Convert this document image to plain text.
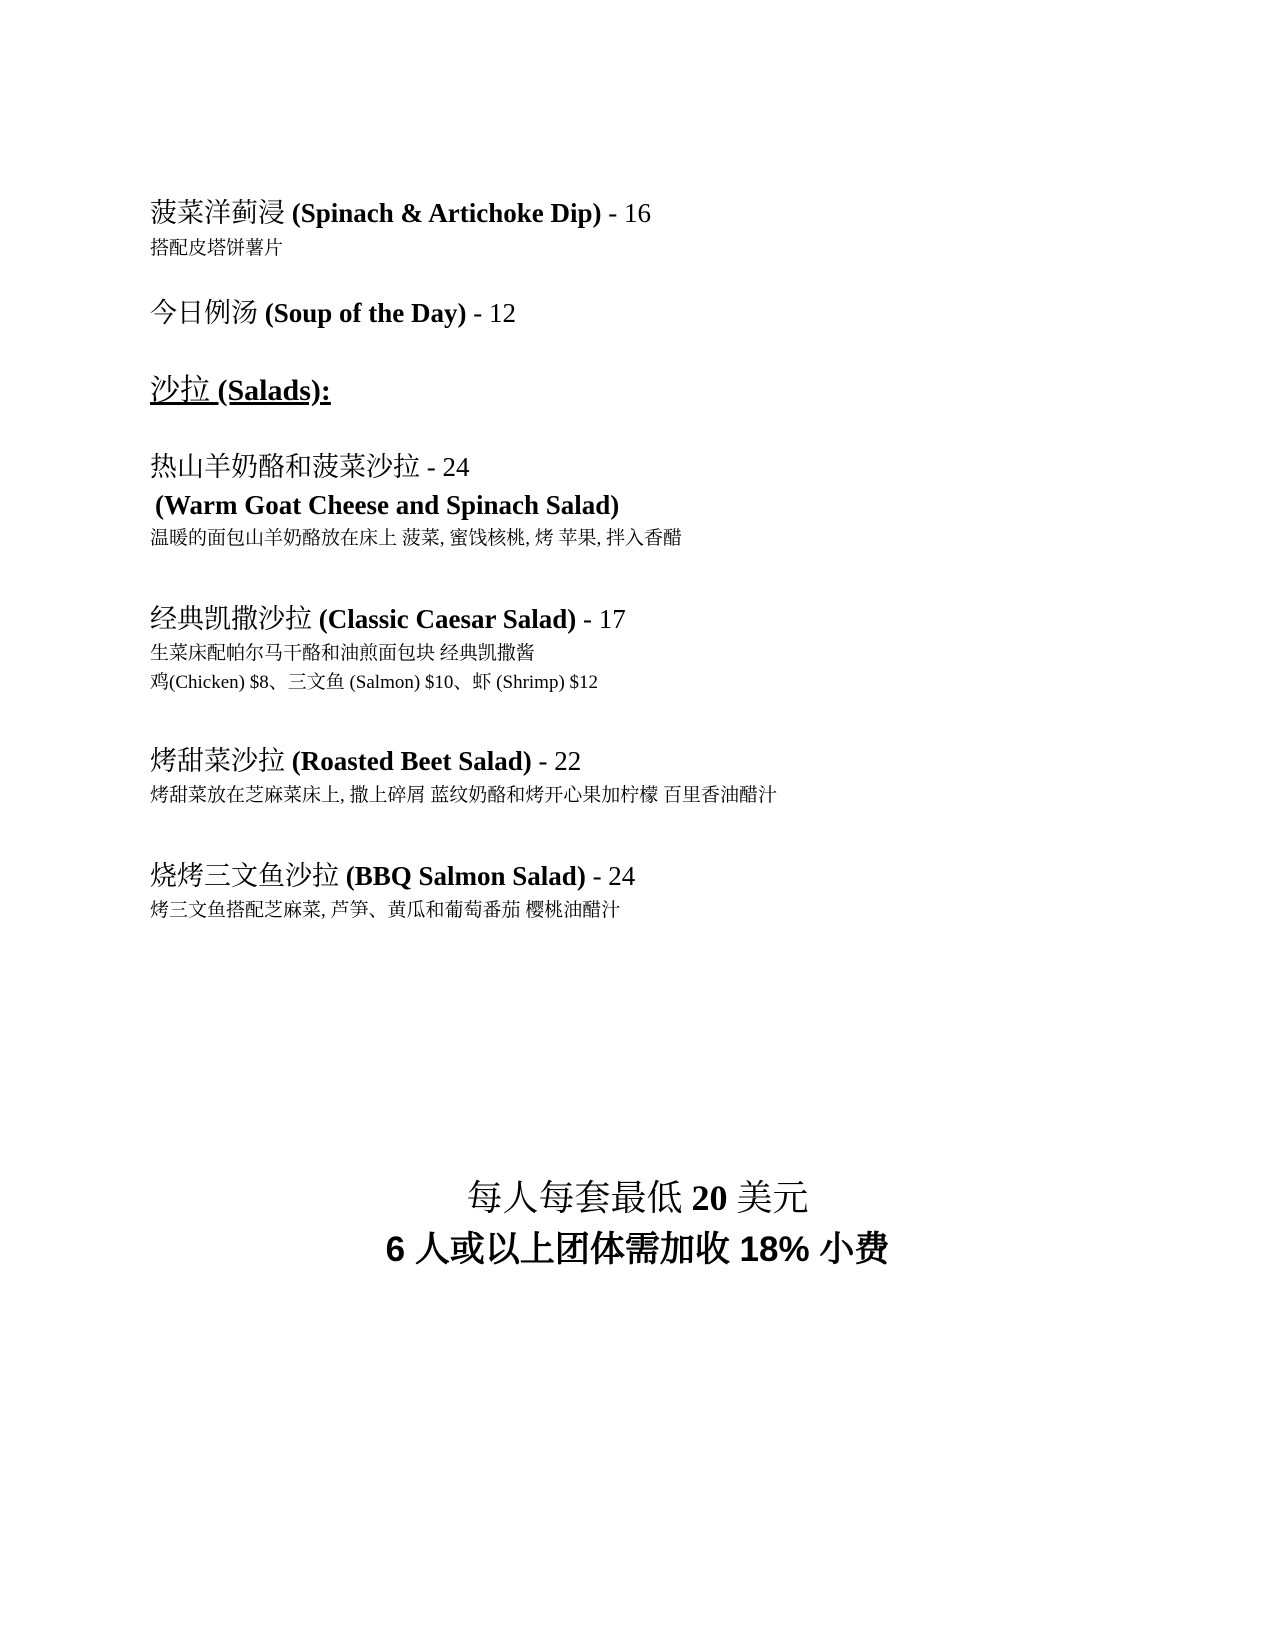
菠菜洋蓟浸 (Spinach & Artichoke Dip) - 16
搭配皮塔饼薯片
今日例汤 (Soup of the Day) - 12
沙拉 (Salads):
热山羊奶酪和菠菜沙拉 - 24
(Warm Goat Cheese and Spinach Salad)
温暖的面包山羊奶酪放在床上 菠菜, 蜜饯核桃, 烤 苹果, 拌入香醋
经典凯撒沙拉 (Classic Caesar Salad) - 17
生菜床配帕尔马干酪和油煎面包块 经典凯撒酱
鸡(Chicken) $8、三文鱼 (Salmon) $10、虾 (Shrimp) $12
烤甜菜沙拉 (Roasted Beet Salad) - 22
烤甜菜放在芝麻菜床上, 撒上碎屑 蓝纹奶酪和烤开心果加柠檬 百里香油醋汁
烧烤三文鱼沙拉 (BBQ Salmon Salad) - 24
烤三文鱼搭配芝麻菜, 芦笋、黄瓜和葡萄番茄 樱桃油醋汁
每人每套最低 20 美元
6 人或以上团体需加收 18% 小费
